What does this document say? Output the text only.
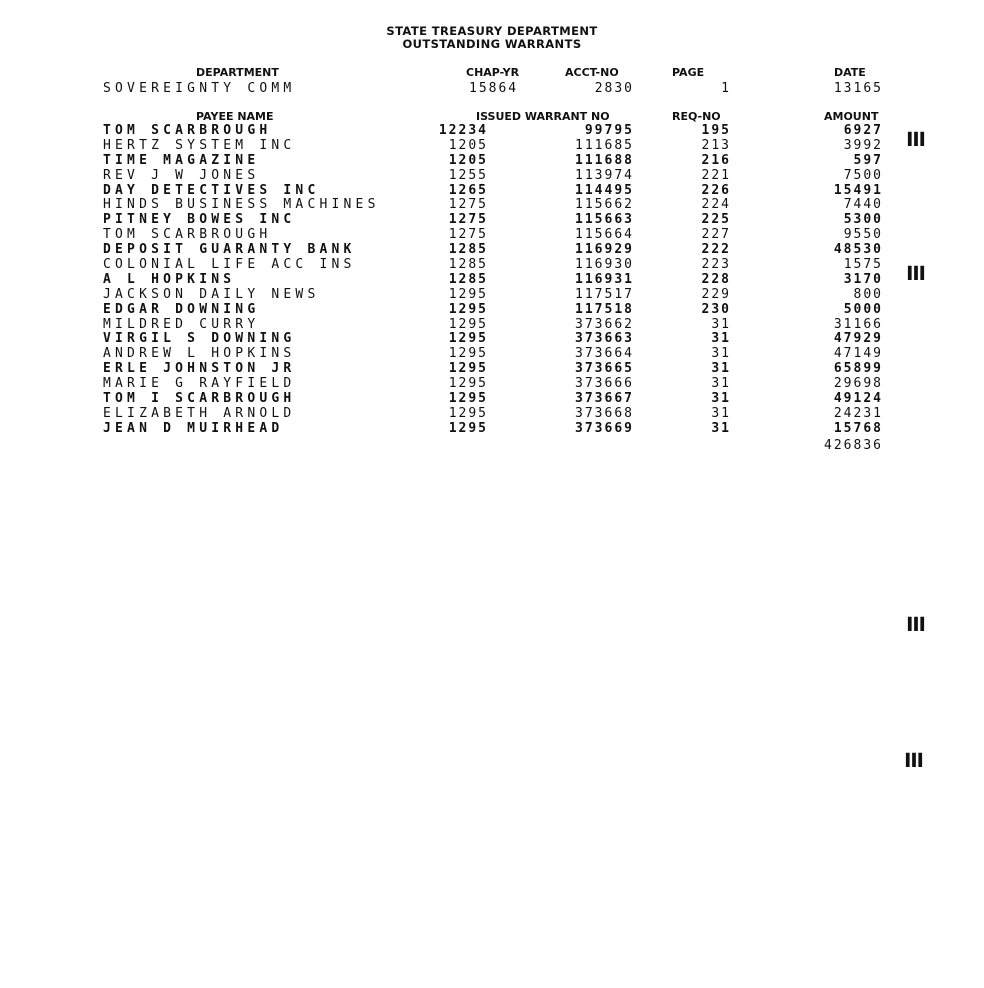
STATE TREASURY DEPARTMENT
OUTSTANDING WARRANTS
DEPARTMENT	CHAP-YR	ACCT-NO	PAGE	DATE
SOVEREIGNTY COMM	15864	2830	1	13165
PAYEE NAME	ISSUED WARRANT NO	REQ-NO	AMOUNT
TOM SCARBROUGH	12234	99795	195	6927
HERTZ SYSTEM INC	1205	111685	213	3992
TIME MAGAZINE	1205	111688	216	597
REV J W JONES	1255	113974	221	7500
DAY DETECTIVES INC	1265	114495	226	15491
HINDS BUSINESS MACHINES	1275	115662	224	7440
PITNEY BOWES INC	1275	115663	225	5300
TOM SCARBROUGH	1275	115664	227	9550
DEPOSIT GUARANTY BANK	1285	116929	222	48530
COLONIAL LIFE ACC INS	1285	116930	223	1575
A L HOPKINS	1285	116931	228	3170
JACKSON DAILY NEWS	1295	117517	229	800
EDGAR DOWNING	1295	117518	230	5000
MILDRED CURRY	1295	373662	31	31166
VIRGIL S DOWNING	1295	373663	31	47929
ANDREW L HOPKINS	1295	373664	31	47149
ERLE JOHNSTON JR	1295	373665	31	65899
MARIE G RAYFIELD	1295	373666	31	29698
TOM I SCARBROUGH	1295	373667	31	49124
ELIZABETH ARNOLD	1295	373668	31	24231
JEAN D MUIRHEAD	1295	373669	31	15768
426836
▌▌▌
▌▌▌
▌▌▌
▌▌▌
